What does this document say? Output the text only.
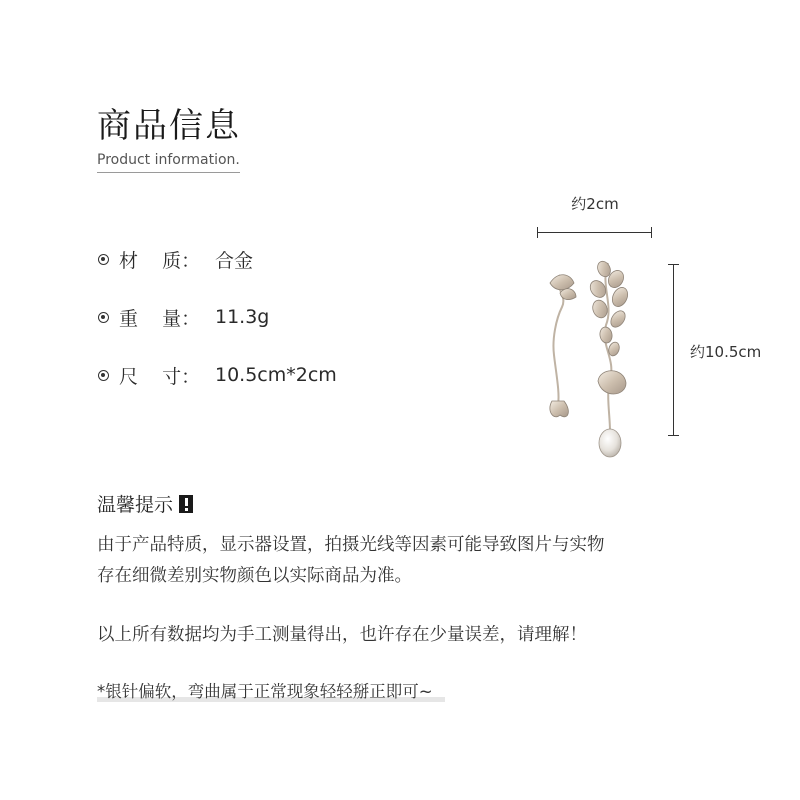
商品信息
Product information.
材    质： 合金
重    量： 11.3g
尺    寸： 10.5cm*2cm
约2cm
约10.5cm
温馨提示
由于产品特质，显示器设置，拍摄光线等因素可能导致图片与实物
存在细微差别实物颜色以实际商品为准。
以上所有数据均为手工测量得出，也许存在少量误差，请理解！
*银针偏软，弯曲属于正常现象轻轻掰正即可~
